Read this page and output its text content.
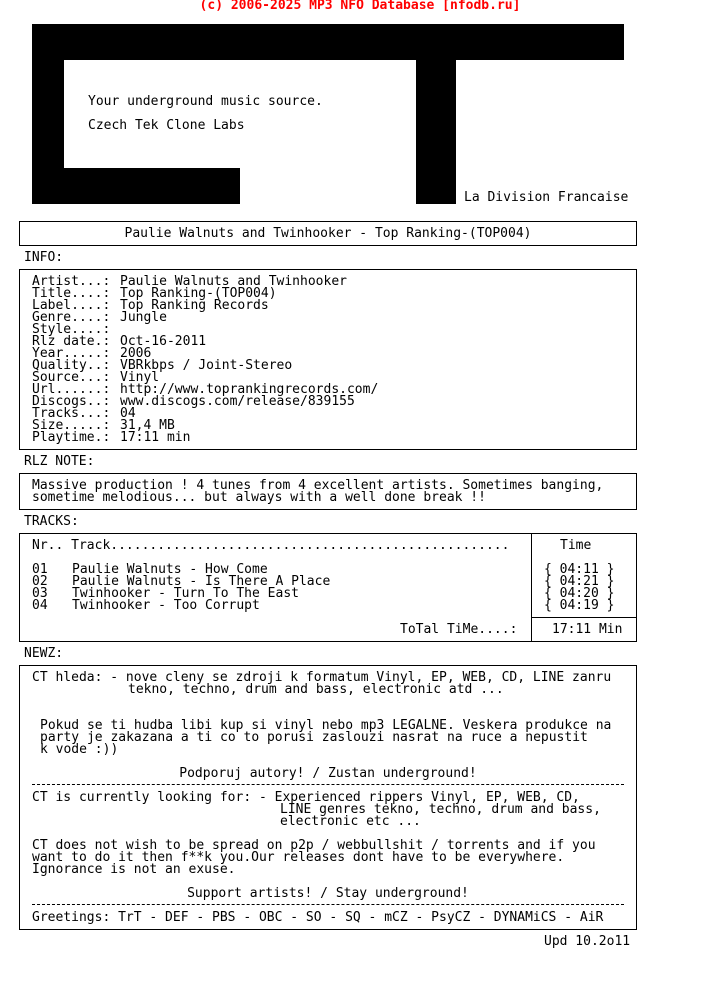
(c) 2006-2025 MP3 NFO Database [nfodb.ru]
Your underground music source.
Czech Tek Clone Labs
La Division Francaise
Paulie Walnuts and Twinhooker - Top Ranking-(TOP004)
INFO:
Artist...: Paulie Walnuts and Twinhooker
Title....: Top Ranking-(TOP004)
Label....: Top Ranking Records
Genre....: Jungle
Style....:
Rlz date.: Oct-16-2011
Year.....: 2006
Quality..: VBRkbps / Joint-Stereo
Source...: Vinyl
Url......: http://www.toprankingrecords.com/
Discogs..: www.discogs.com/release/839155
Tracks...: 04
Size.....: 31,4 MB
Playtime.: 17:11 min
RLZ NOTE:
Massive production ! 4 tunes from 4 excellent artists. Sometimes banging,
sometime melodious... but always with a well done break !!
TRACKS:
Nr.. Track...................................................	Time
01 Paulie Walnuts - How Come	{ 04:11 }
02 Paulie Walnuts - Is There A Place	{ 04:21 }
03 Twinhooker - Turn To The East	{ 04:20 }
04 Twinhooker - Too Corrupt	{ 04:19 }
ToTal TiMe....:	17:11 Min
NEWZ:
CT hleda: - nove cleny se zdroji k formatum Vinyl, EP, WEB, CD, LINE zanru
tekno, techno, drum and bass, electronic atd ...
Pokud se ti hudba libi kup si vinyl nebo mp3 LEGALNE. Veskera produkce na
party je zakazana a ti co to porusi zaslouzi nasrat na ruce a nepustit
k vode :))
Podporuj autory! / Zustan underground!
CT is currently looking for: - Experienced rippers Vinyl, EP, WEB, CD,
LINE genres tekno, techno, drum and bass,
electronic etc ...
CT does not wish to be spread on p2p / webbullshit / torrents and if you
want to do it then f**k you.Our releases dont have to be everywhere.
Ignorance is not an exuse.
Support artists! / Stay underground!
Greetings: TrT - DEF - PBS - OBC - SO - SQ - mCZ - PsyCZ - DYNAMiCS - AiR
Upd 10.2o11
